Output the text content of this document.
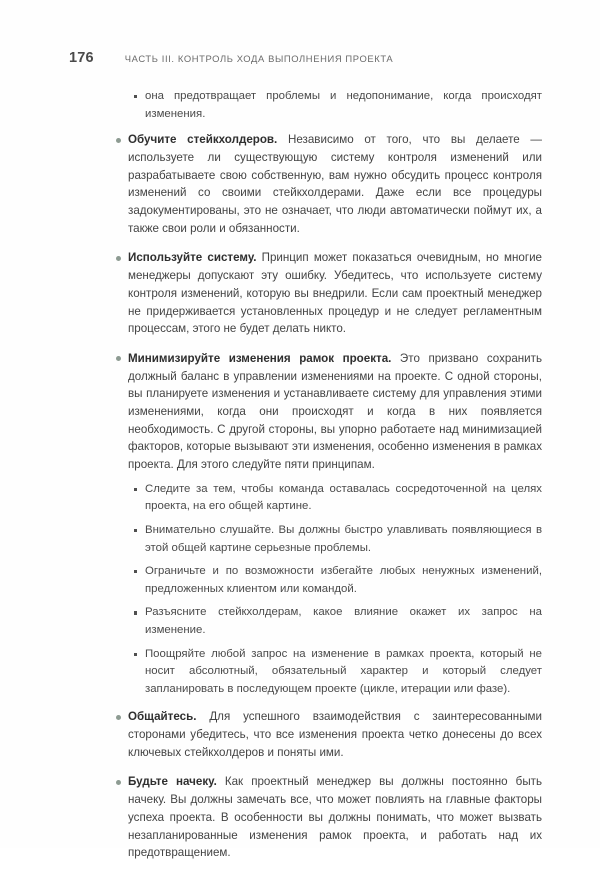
176	ЧАСТЬ III. КОНТРОЛЬ ХОДА ВЫПОЛНЕНИЯ ПРОЕКТА
она предотвращает проблемы и недопонимание, когда происходят изменения.
Обучите стейкхолдеров. Независимо от того, что вы делаете — используете ли существующую систему контроля изменений или разрабатываете свою собственную, вам нужно обсудить процесс контроля изменений со своими стейкхолдерами. Даже если все процедуры задокументированы, это не означает, что люди автоматически поймут их, а также свои роли и обязанности.
Используйте систему. Принцип может показаться очевидным, но многие менеджеры допускают эту ошибку. Убедитесь, что используете систему контроля изменений, которую вы внедрили. Если сам проектный менеджер не придерживается установленных процедур и не следует регламентным процессам, этого не будет делать никто.
Минимизируйте изменения рамок проекта. Это призвано сохранить должный баланс в управлении изменениями на проекте. С одной стороны, вы планируете изменения и устанавливаете систему для управления этими изменениями, когда они происходят и когда в них появляется необходимость. С другой стороны, вы упорно работаете над минимизацией факторов, которые вызывают эти изменения, особенно изменения в рамках проекта. Для этого следуйте пяти принципам.
Следите за тем, чтобы команда оставалась сосредоточенной на целях проекта, на его общей картине.
Внимательно слушайте. Вы должны быстро улавливать появляющиеся в этой общей картине серьезные проблемы.
Ограничьте и по возможности избегайте любых ненужных изменений, предложенных клиентом или командой.
Разъясните стейкхолдерам, какое влияние окажет их запрос на изменение.
Поощряйте любой запрос на изменение в рамках проекта, который не носит абсолютный, обязательный характер и который следует запланировать в последующем проекте (цикле, итерации или фазе).
Общайтесь. Для успешного взаимодействия с заинтересованными сторонами убедитесь, что все изменения проекта четко донесены до всех ключевых стейкхолдеров и поняты ими.
Будьте начеку. Как проектный менеджер вы должны постоянно быть начеку. Вы должны замечать все, что может повлиять на главные факторы успеха проекта. В особенности вы должны понимать, что может вызвать незапланированные изменения рамок проекта, и работать над их предотвращением.
